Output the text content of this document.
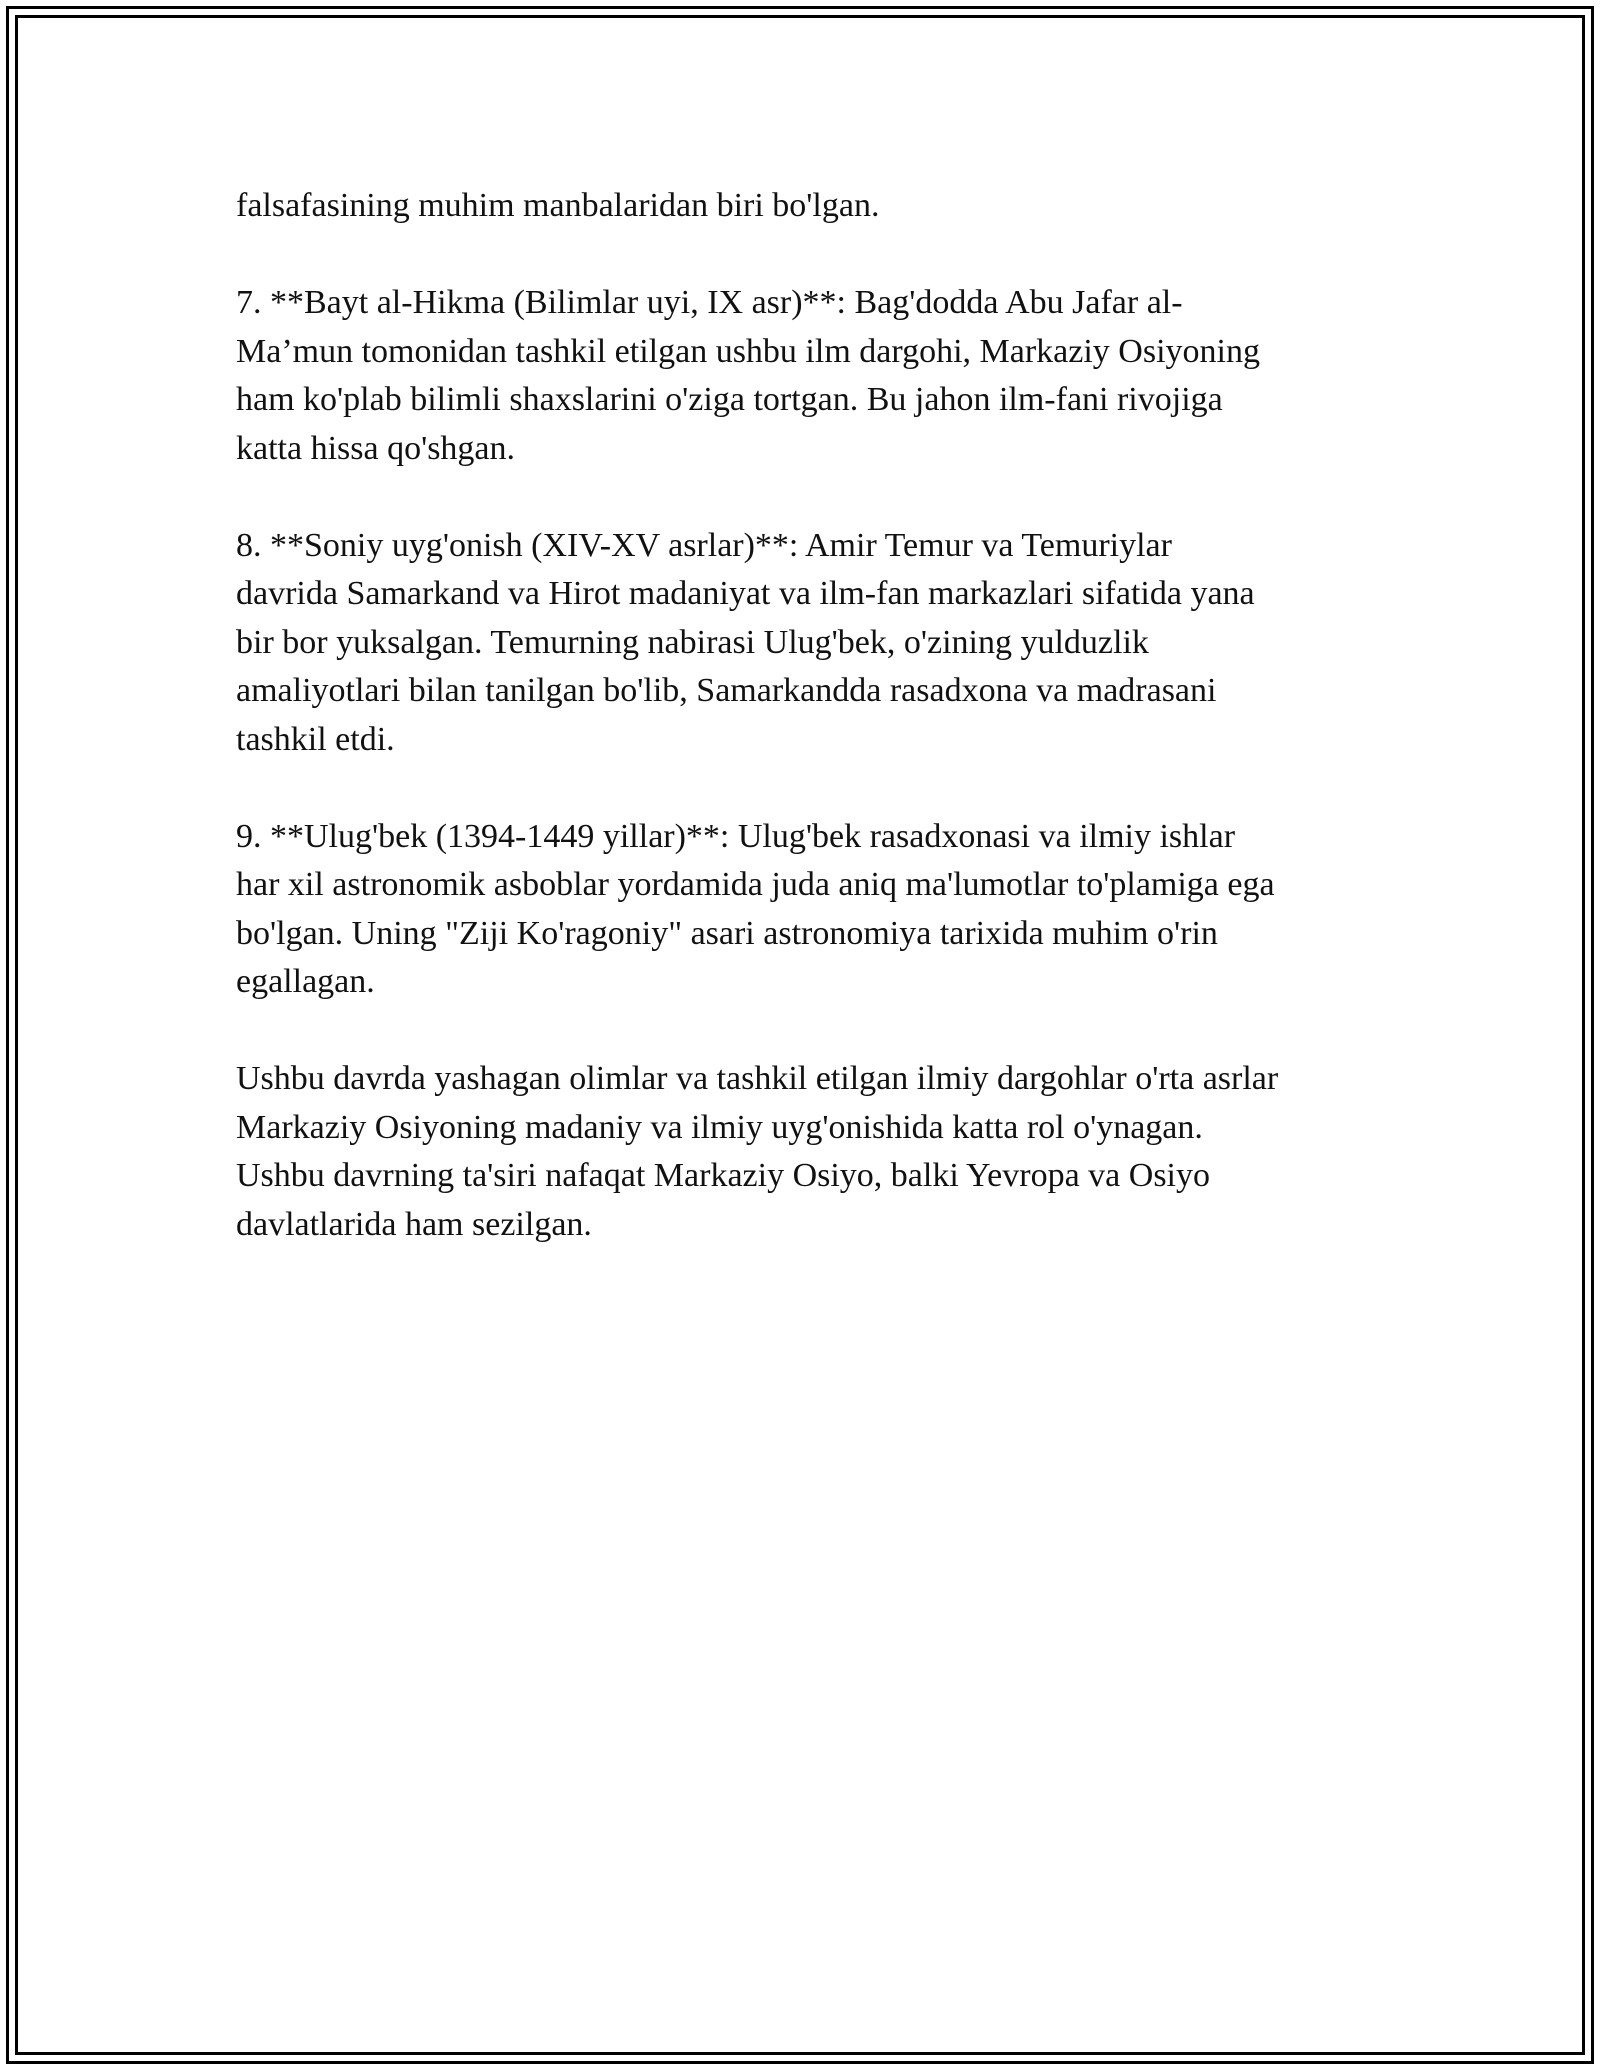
falsafasining muhim manbalaridan biri bo'lgan.

7. **Bayt al-Hikma (Bilimlar uyi, IX asr)**: Bag'dodda Abu Jafar al-
Ma’mun tomonidan tashkil etilgan ushbu ilm dargohi, Markaziy Osiyoning
ham ko'plab bilimli shaxslarini o'ziga tortgan. Bu jahon ilm-fani rivojiga
katta hissa qo'shgan.

8. **Soniy uyg'onish (XIV-XV asrlar)**: Amir Temur va Temuriylar
davrida Samarkand va Hirot madaniyat va ilm-fan markazlari sifatida yana
bir bor yuksalgan. Temurning nabirasi Ulug'bek, o'zining yulduzlik
amaliyotlari bilan tanilgan bo'lib, Samarkandda rasadxona va madrasani
tashkil etdi.

9. **Ulug'bek (1394-1449 yillar)**: Ulug'bek rasadxonasi va ilmiy ishlar
har xil astronomik asboblar yordamida juda aniq ma'lumotlar to'plamiga ega
bo'lgan. Uning "Ziji Ko'ragoniy" asari astronomiya tarixida muhim o'rin
egallagan.

Ushbu davrda yashagan olimlar va tashkil etilgan ilmiy dargohlar o'rta asrlar
Markaziy Osiyoning madaniy va ilmiy uyg'onishida katta rol o'ynagan.
Ushbu davrning ta'siri nafaqat Markaziy Osiyo, balki Yevropa va Osiyo
davlatlarida ham sezilgan.
